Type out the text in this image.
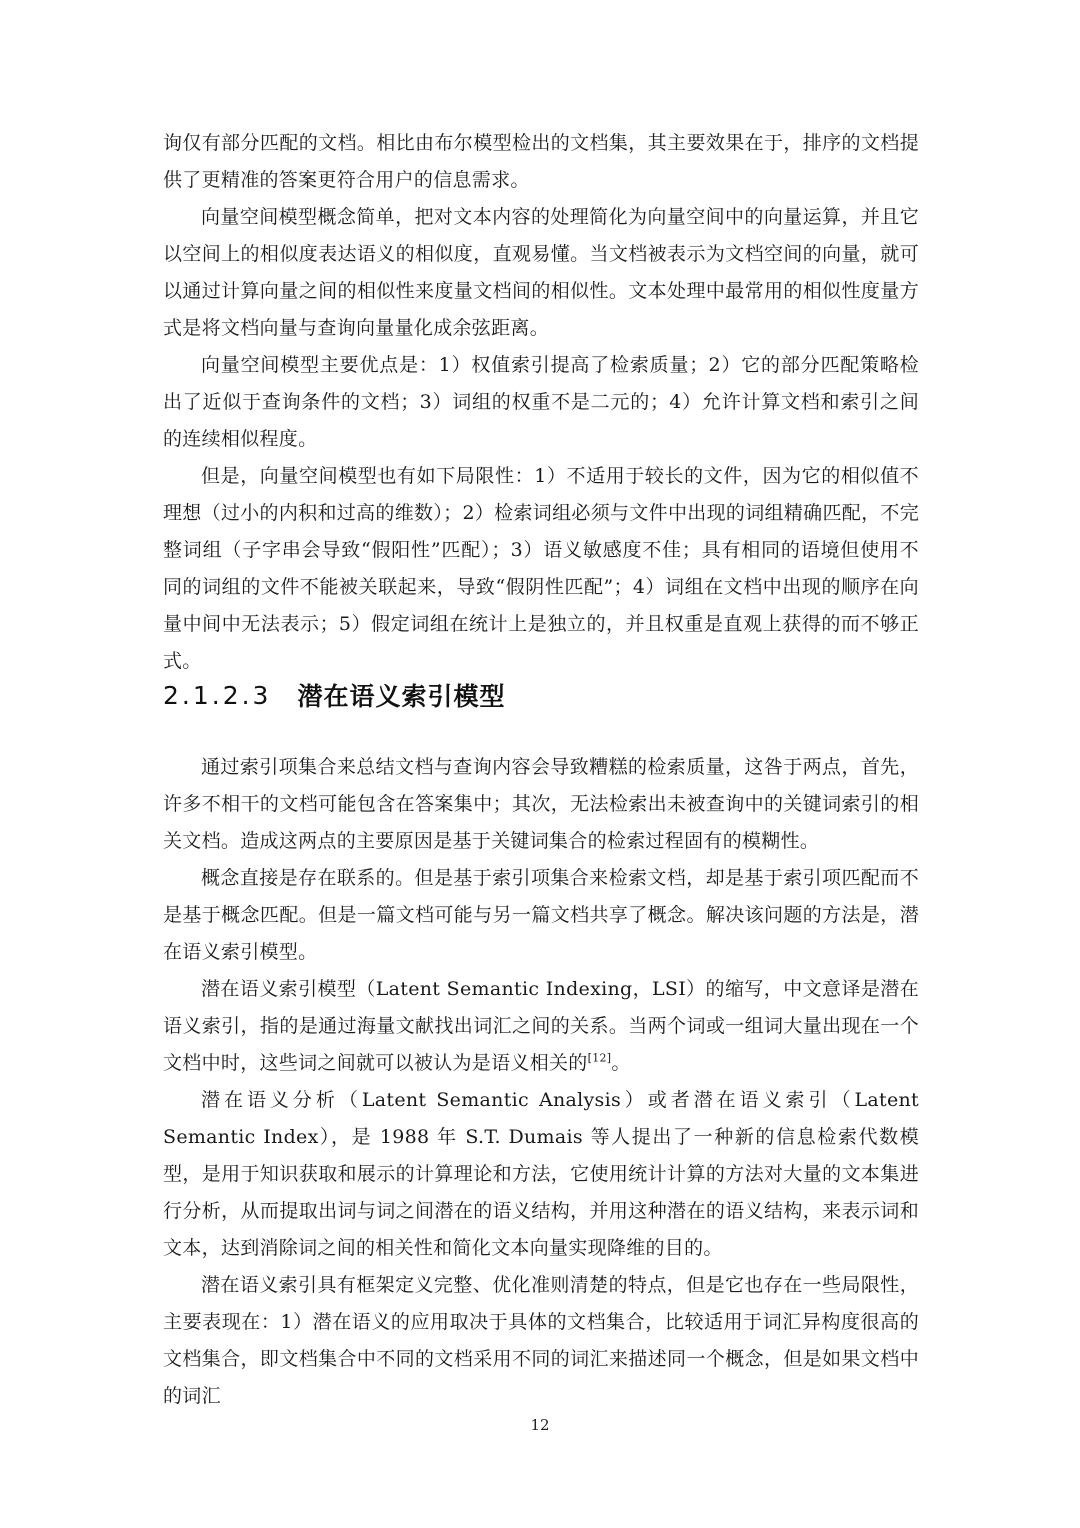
询仅有部分匹配的文档。相比由布尔模型检出的文档集，其主要效果在于，排序的文档提供了更精准的答案更符合用户的信息需求。

向量空间模型概念简单，把对文本内容的处理简化为向量空间中的向量运算，并且它以空间上的相似度表达语义的相似度，直观易懂。当文档被表示为文档空间的向量，就可以通过计算向量之间的相似性来度量文档间的相似性。文本处理中最常用的相似性度量方式是将文档向量与查询向量量化成余弦距离。

向量空间模型主要优点是：1）权值索引提高了检索质量；2）它的部分匹配策略检出了近似于查询条件的文档；3）词组的权重不是二元的；4）允许计算文档和索引之间的连续相似程度。

但是，向量空间模型也有如下局限性：1）不适用于较长的文件，因为它的相似值不理想（过小的内积和过高的维数）；2）检索词组必须与文件中出现的词组精确匹配，不完整词组（子字串会导致“假阳性”匹配）；3）语义敏感度不佳；具有相同的语境但使用不同的词组的文件不能被关联起来，导致“假阴性匹配”；4）词组在文档中出现的顺序在向量中间中无法表示；5）假定词组在统计上是独立的，并且权重是直观上获得的而不够正式。

2.1.2.3 潜在语义索引模型

通过索引项集合来总结文档与查询内容会导致糟糕的检索质量，这咎于两点，首先，许多不相干的文档可能包含在答案集中；其次，无法检索出未被查询中的关键词索引的相关文档。造成这两点的主要原因是基于关键词集合的检索过程固有的模糊性。

概念直接是存在联系的。但是基于索引项集合来检索文档，却是基于索引项匹配而不是基于概念匹配。但是一篇文档可能与另一篇文档共享了概念。解决该问题的方法是，潜在语义索引模型。

潜在语义索引模型（Latent Semantic Indexing，LSI）的缩写，中文意译是潜在语义索引，指的是通过海量文献找出词汇之间的关系。当两个词或一组词大量出现在一个文档中时，这些词之间就可以被认为是语义相关的[12]。

潜在语义分析（Latent Semantic Analysis）或者潜在语义索引（Latent Semantic Index），是 1988 年 S.T. Dumais 等人提出了一种新的信息检索代数模型，是用于知识获取和展示的计算理论和方法，它使用统计计算的方法对大量的文本集进行分析，从而提取出词与词之间潜在的语义结构，并用这种潜在的语义结构，来表示词和文本，达到消除词之间的相关性和简化文本向量实现降维的目的。

潜在语义索引具有框架定义完整、优化准则清楚的特点，但是它也存在一些局限性，主要表现在：1）潜在语义的应用取决于具体的文档集合，比较适用于词汇异构度很高的文档集合，即文档集合中不同的文档采用不同的词汇来描述同一个概念，但是如果文档中的词汇

12
